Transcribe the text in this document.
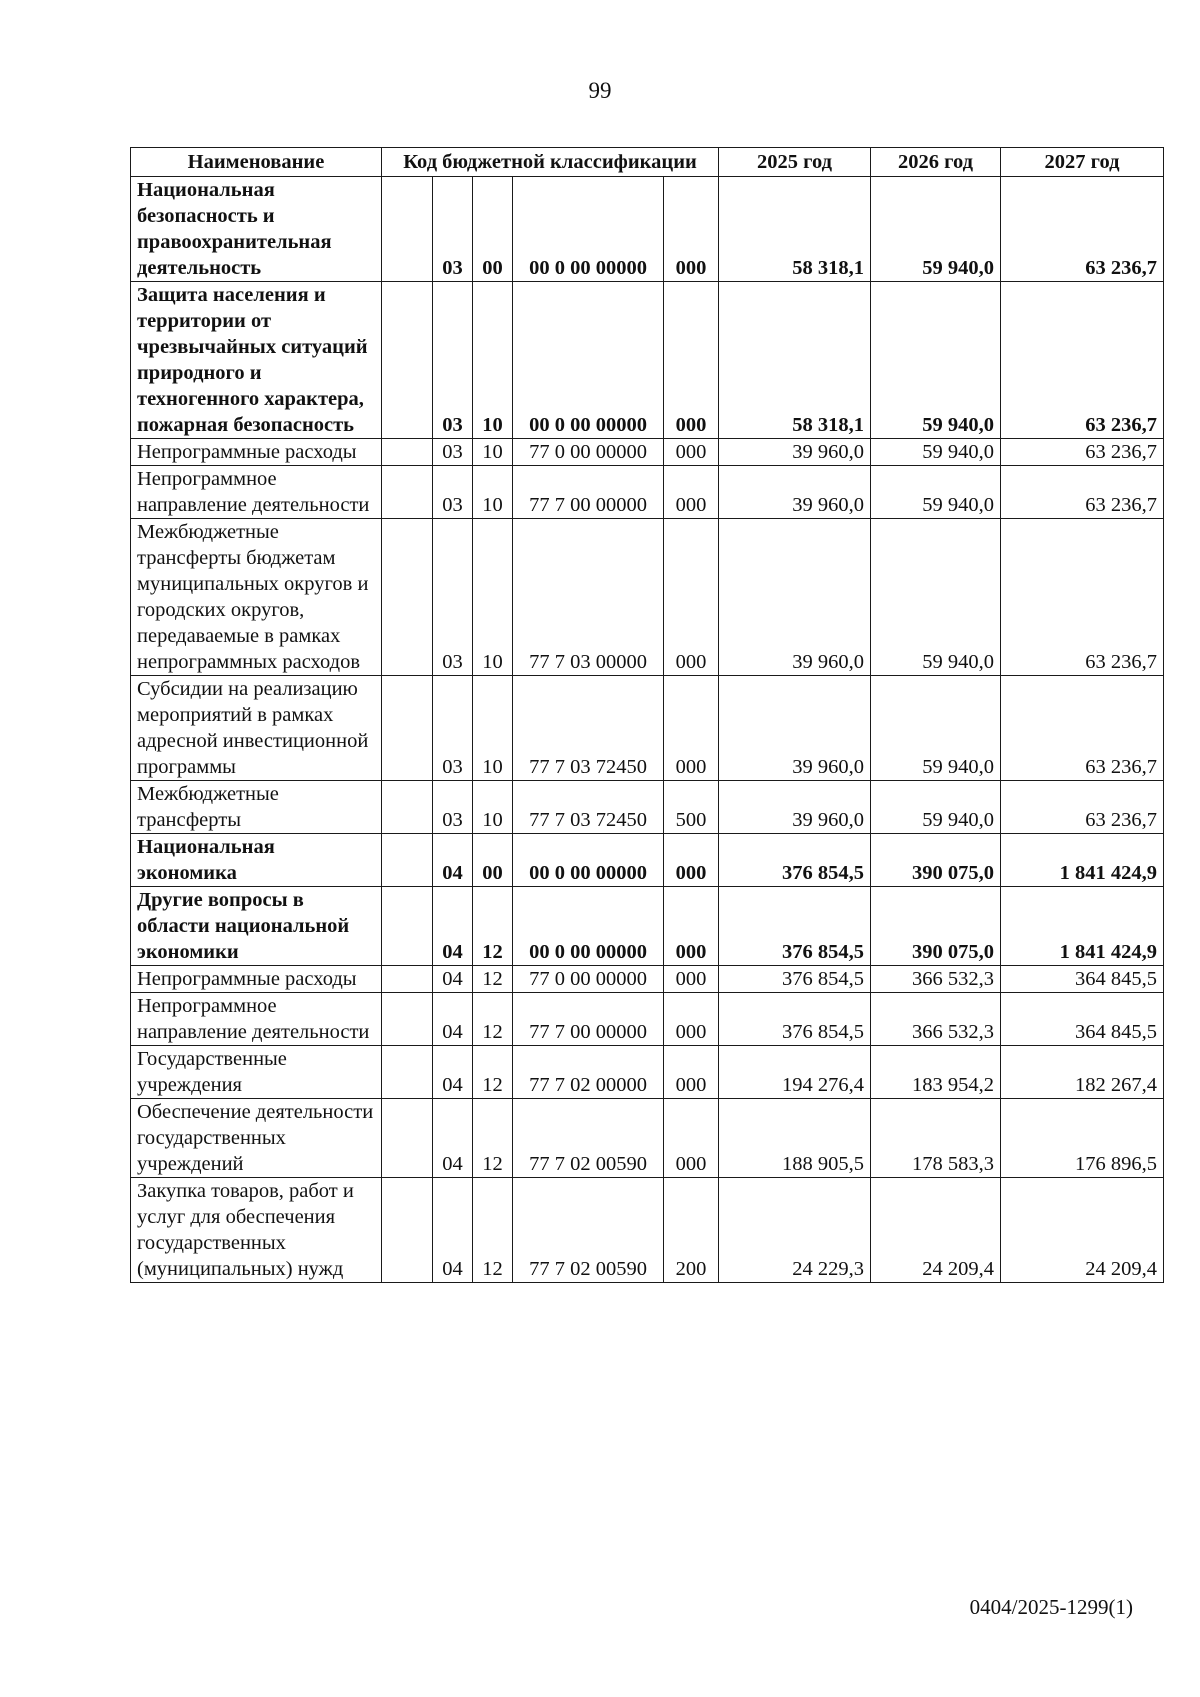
99
Наименование	Код бюджетной классификации					2025 год	2026 год	2027 год
Национальная безопасность и правоохранительная деятельность		03	00	00 0 00 00000	000	58 318,1	59 940,0	63 236,7
Защита населения и территории от чрезвычайных ситуаций природного и техногенного характера, пожарная безопасность		03	10	00 0 00 00000	000	58 318,1	59 940,0	63 236,7
Непрограммные расходы		03	10	77 0 00 00000	000	39 960,0	59 940,0	63 236,7
Непрограммное направление деятельности		03	10	77 7 00 00000	000	39 960,0	59 940,0	63 236,7
Межбюджетные трансферты бюджетам муниципальных округов и городских округов, передаваемые в рамках непрограммных расходов		03	10	77 7 03 00000	000	39 960,0	59 940,0	63 236,7
Субсидии на реализацию мероприятий в рамках адресной инвестиционной программы		03	10	77 7 03 72450	000	39 960,0	59 940,0	63 236,7
Межбюджетные трансферты		03	10	77 7 03 72450	500	39 960,0	59 940,0	63 236,7
Национальная экономика		04	00	00 0 00 00000	000	376 854,5	390 075,0	1 841 424,9
Другие вопросы в области национальной экономики		04	12	00 0 00 00000	000	376 854,5	390 075,0	1 841 424,9
Непрограммные расходы		04	12	77 0 00 00000	000	376 854,5	366 532,3	364 845,5
Непрограммное направление деятельности		04	12	77 7 00 00000	000	376 854,5	366 532,3	364 845,5
Государственные учреждения		04	12	77 7 02 00000	000	194 276,4	183 954,2	182 267,4
Обеспечение деятельности государственных учреждений		04	12	77 7 02 00590	000	188 905,5	178 583,3	176 896,5
Закупка товаров, работ и услуг для обеспечения государственных (муниципальных) нужд		04	12	77 7 02 00590	200	24 229,3	24 209,4	24 209,4
0404/2025-1299(1)
